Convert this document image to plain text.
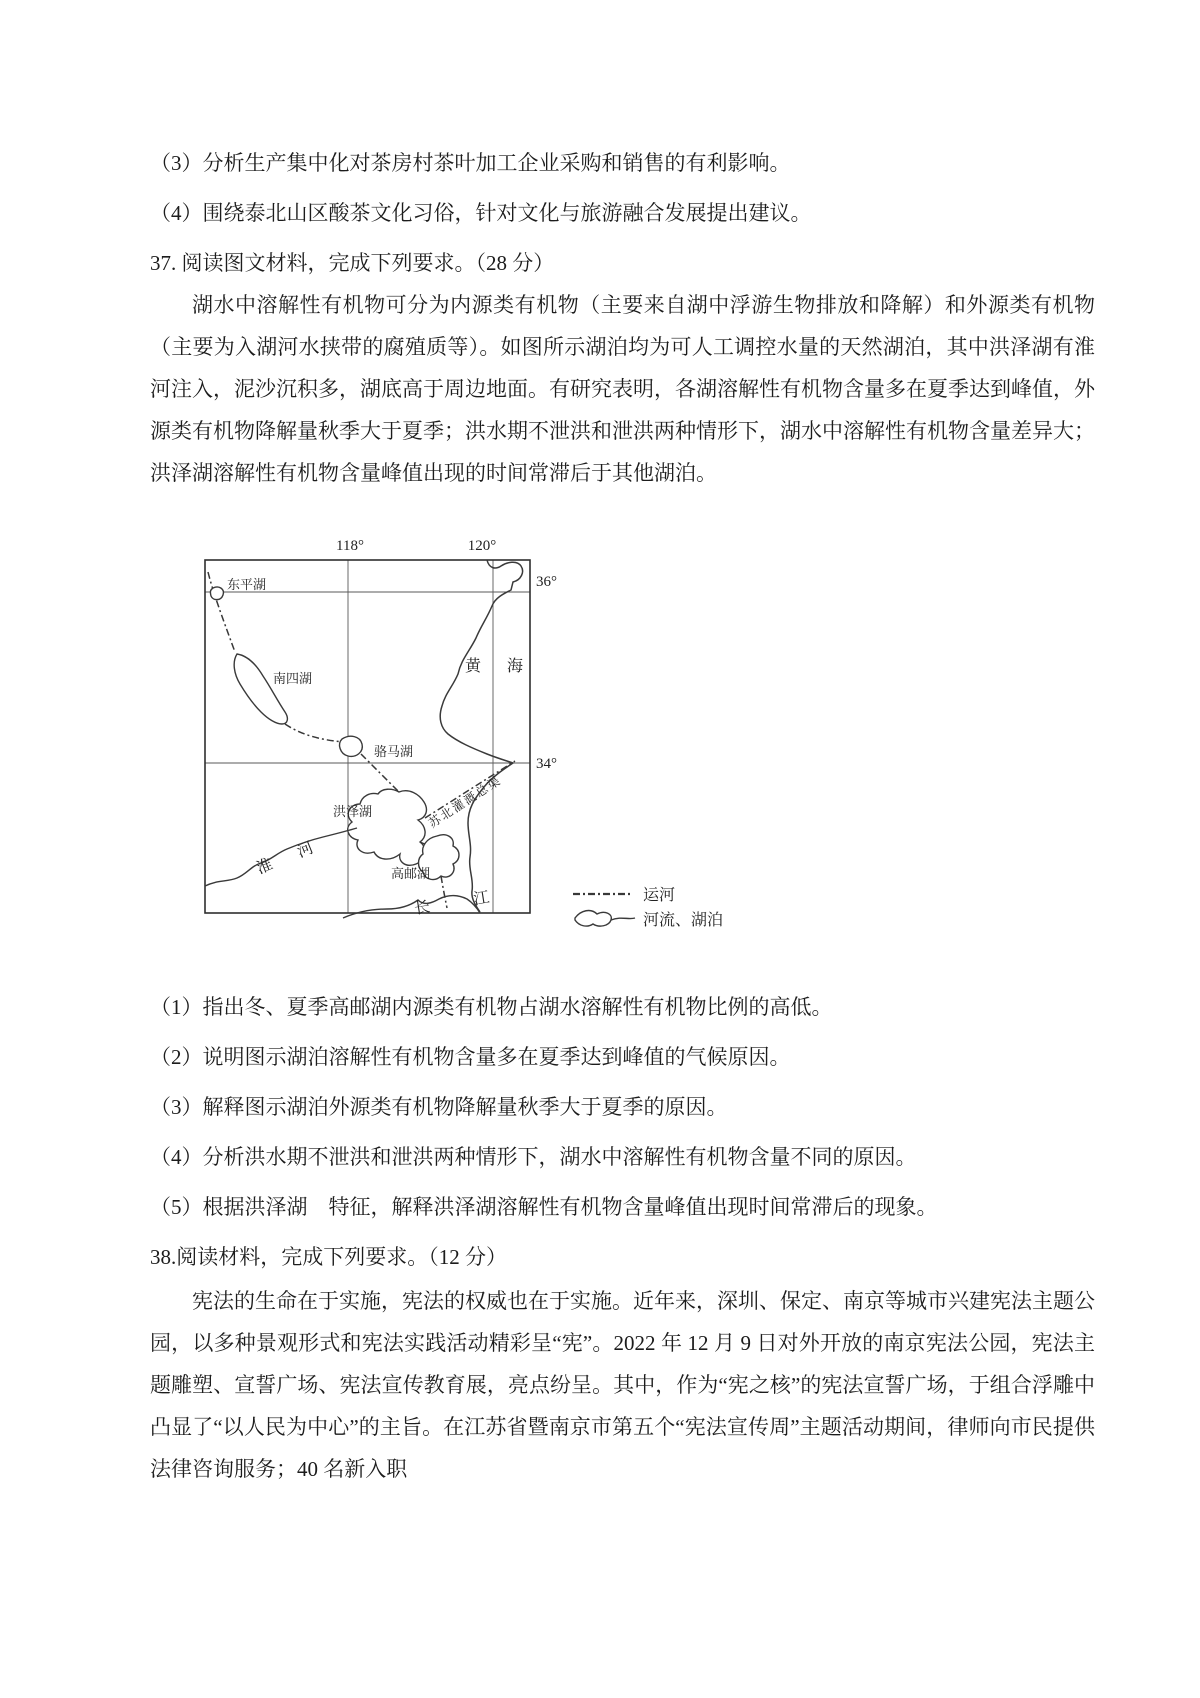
（3）分析生产集中化对茶房村茶叶加工企业采购和销售的有利影响。
（4）围绕泰北山区酸茶文化习俗，针对文化与旅游融合发展提出建议。
37. 阅读图文材料，完成下列要求。（28 分）

湖水中溶解性有机物可分为内源类有机物（主要来自湖中浮游生物排放和降解）和外源类有机物（主要为入湖河水挟带的腐殖质等）。如图所示湖泊均为可人工调控水量的天然湖泊，其中洪泽湖有淮河注入，泥沙沉积多，湖底高于周边地面。有研究表明，各湖溶解性有机物含量多在夏季达到峰值，外源类有机物降解量秋季大于夏季；洪水期不泄洪和泄洪两种情形下，湖水中溶解性有机物含量差异大；洪泽湖溶解性有机物含量峰值出现的时间常滞后于其他湖泊。

118°	120°
36°
34°
东平湖
南四湖
骆马湖
洪泽湖
高邮湖
黄海
淮河
长江
苏北灌溉总渠
运河
河流、湖泊
（1）指出冬、夏季高邮湖内源类有机物占湖水溶解性有机物比例的高低。
（2）说明图示湖泊溶解性有机物含量多在夏季达到峰值的气候原因。
（3）解释图示湖泊外源类有机物降解量秋季大于夏季的原因。
（4）分析洪水期不泄洪和泄洪两种情形下，湖水中溶解性有机物含量不同的原因。
（5）根据洪泽湖　特征，解释洪泽湖溶解性有机物含量峰值出现时间常滞后的现象。
38.阅读材料，完成下列要求。（12 分）

宪法的生命在于实施，宪法的权威也在于实施。近年来，深圳、保定、南京等城市兴建宪法主题公园，以多种景观形式和宪法实践活动精彩呈“宪”。2022 年 12 月 9 日对外开放的南京宪法公园，宪法主题雕塑、宣誓广场、宪法宣传教育展，亮点纷呈。其中，作为“宪之核”的宪法宣誓广场，于组合浮雕中凸显了“以人民为中心”的主旨。在江苏省暨南京市第五个“宪法宣传周”主题活动期间，律师向市民提供法律咨询服务；40 名新入职
